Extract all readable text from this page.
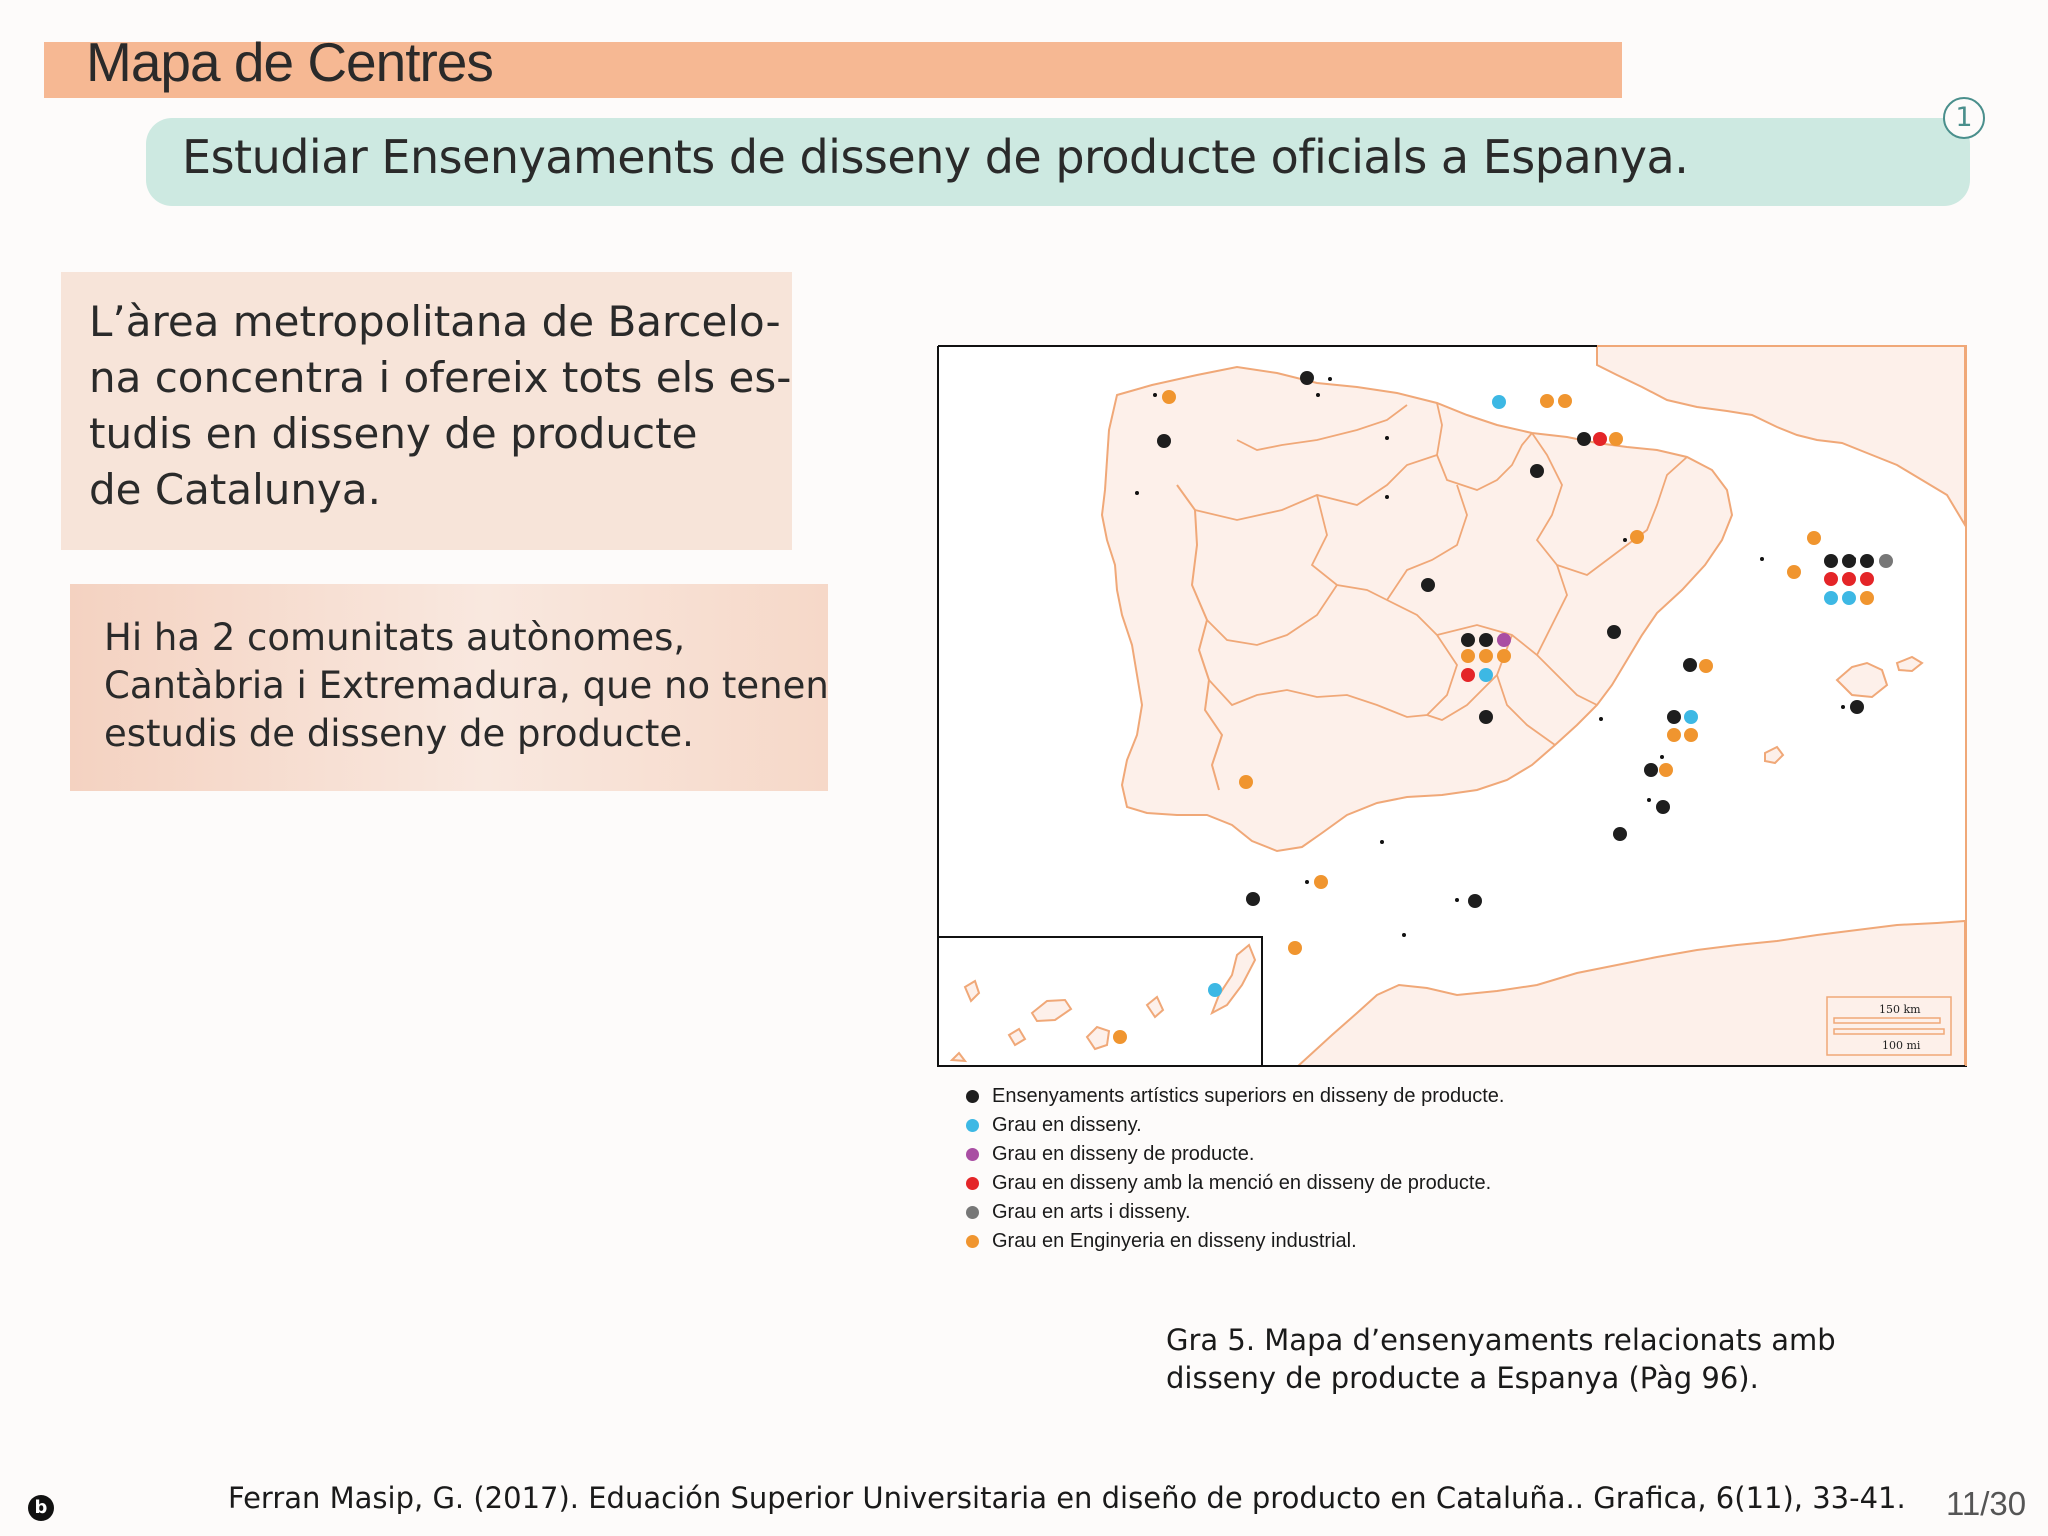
Mapa de Centres
Estudiar Ensenyaments de disseny de producte oficials a Espanya.
1
L’àrea metropolitana de Barcelo-
na concentra i ofereix tots els es-
tudis en disseny de producte
de Catalunya.
Hi ha 2 comunitats autònomes,
Cantàbria i Extremadura, que no tenen
estudis de disseny de producte.
150 km
100 mi
Ensenyaments artístics superiors en disseny de producte.
Grau en disseny.
Grau en disseny de producte.
Grau en disseny amb la menció en disseny de producte.
Grau en arts i disseny.
Grau en Enginyeria en disseny industrial.
Gra 5. Mapa d’ensenyaments relacionats amb
disseny de producte a Espanya (Pàg 96).
b	Ferran Masip, G. (2017). Eduación Superior Universitaria en diseño de producto en Cataluña.. Grafica, 6(11), 33-41. 11/30
